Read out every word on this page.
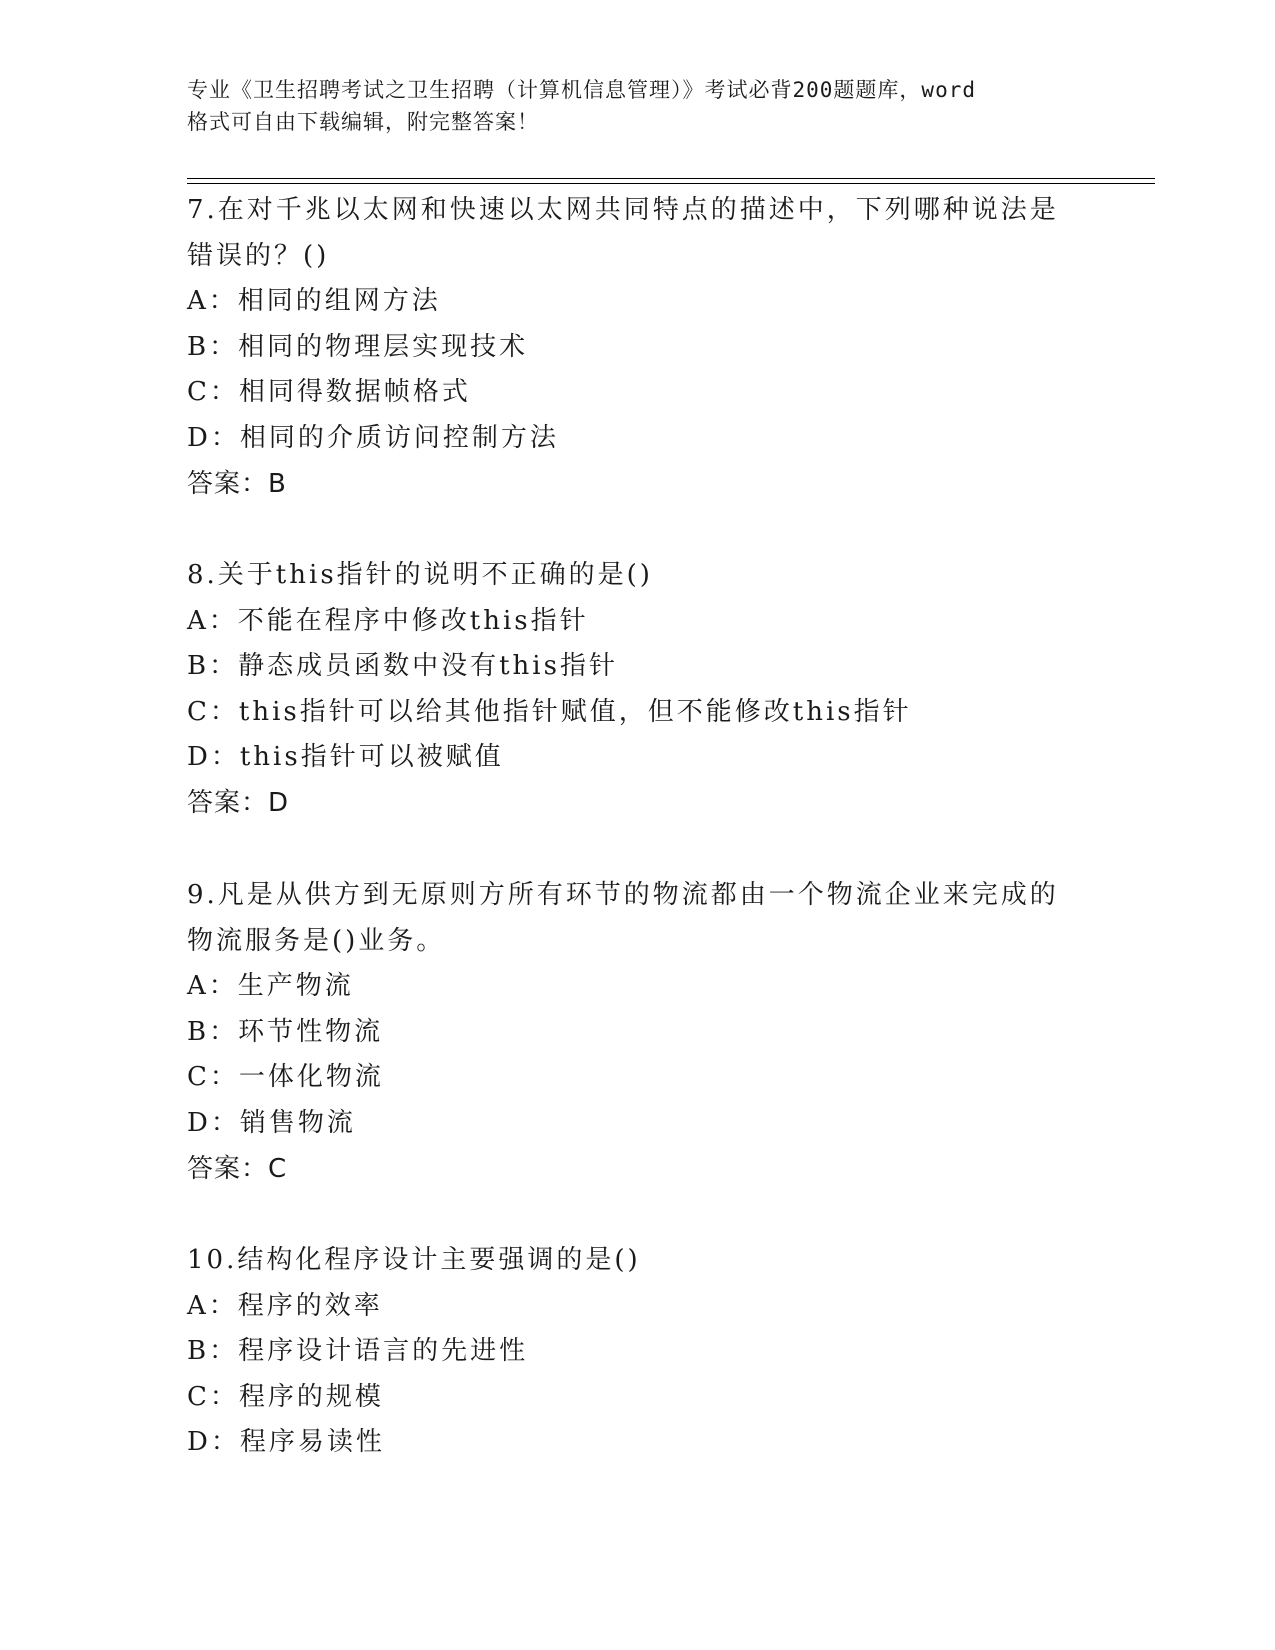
专业《卫生招聘考试之卫生招聘（计算机信息管理）》考试必背200题题库，word
格式可自由下载编辑，附完整答案！
7.在对千兆以太网和快速以太网共同特点的描述中，下列哪种说法是
错误的？()
A：相同的组网方法
B：相同的物理层实现技术
C：相同得数据帧格式
D：相同的介质访问控制方法
答案：B
8.关于this指针的说明不正确的是()
A：不能在程序中修改this指针
B：静态成员函数中没有this指针
C：this指针可以给其他指针赋值，但不能修改this指针
D：this指针可以被赋值
答案：D
9.凡是从供方到无原则方所有环节的物流都由一个物流企业来完成的
物流服务是()业务。
A：生产物流
B：环节性物流
C：一体化物流
D：销售物流
答案：C
10.结构化程序设计主要强调的是()
A：程序的效率
B：程序设计语言的先进性
C：程序的规模
D：程序易读性
